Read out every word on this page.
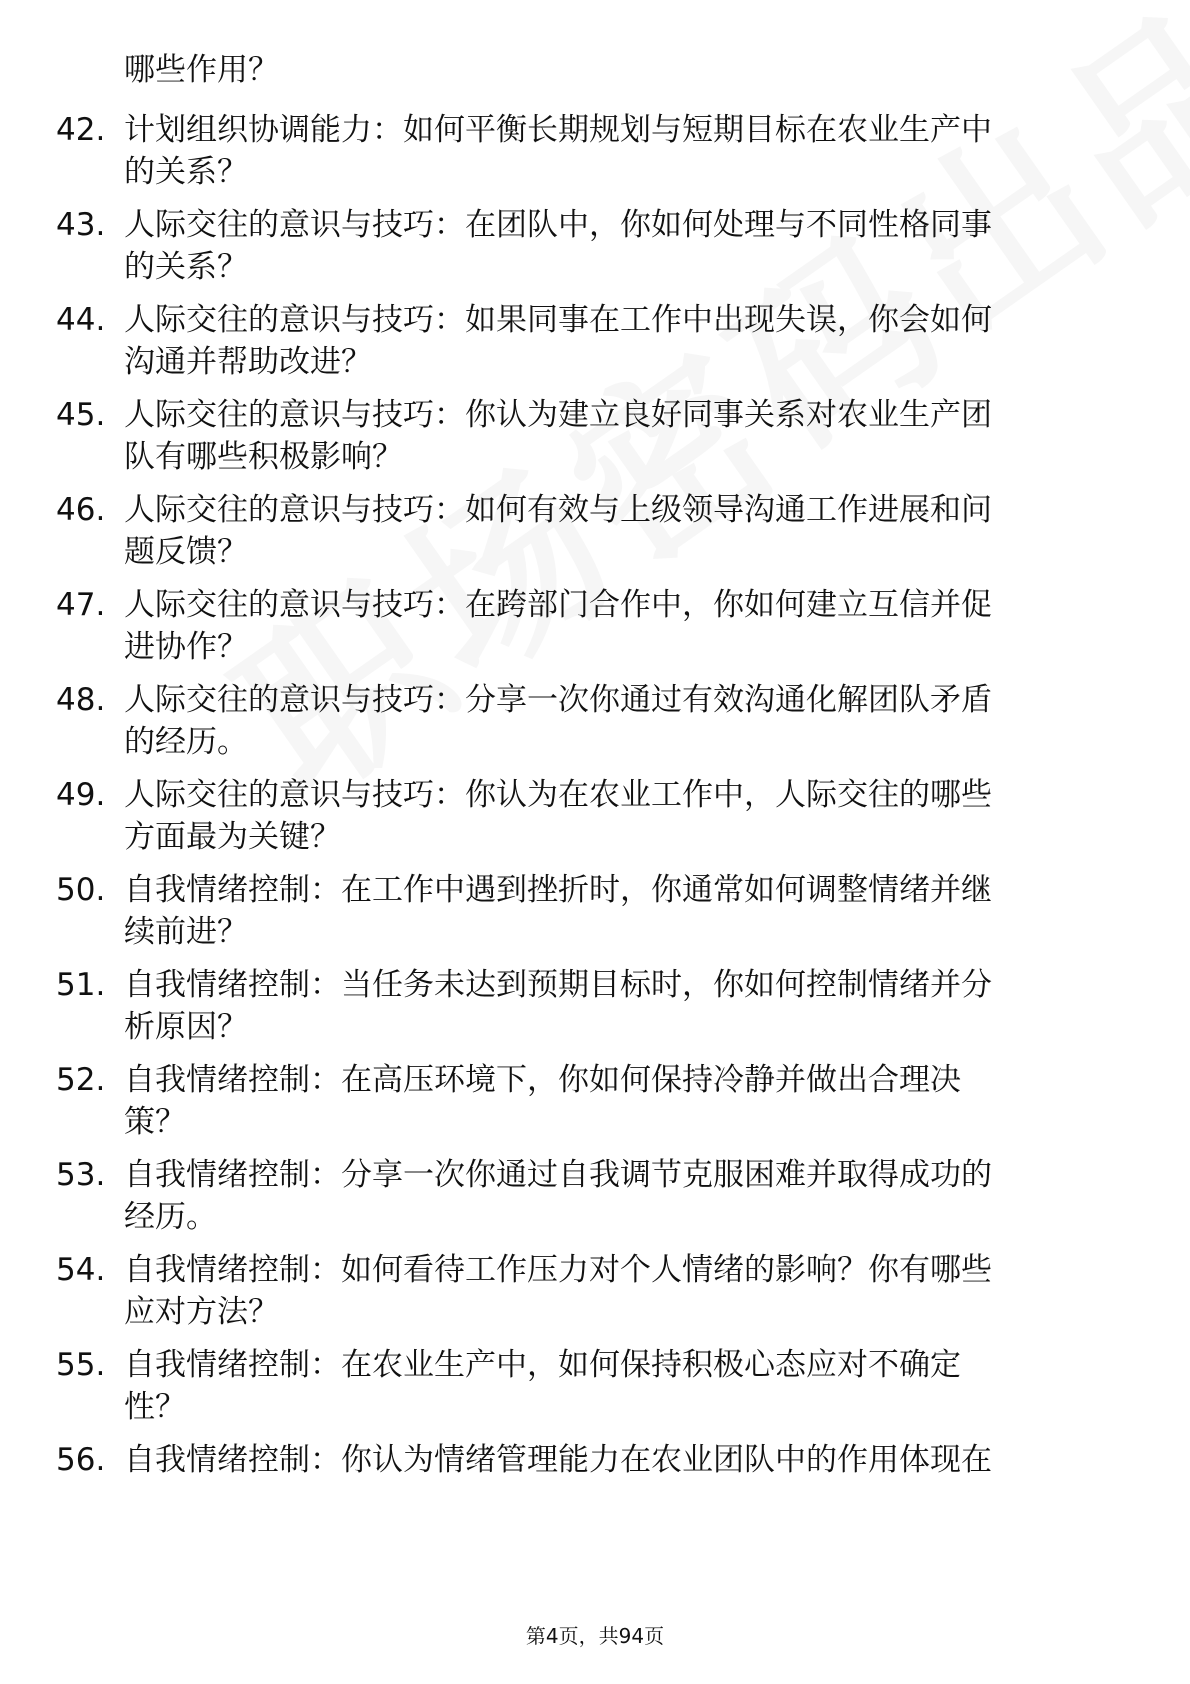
哪些作用？
42. 计划组织协调能力：如何平衡长期规划与短期目标在农业生产中
的关系？
43. 人际交往的意识与技巧：在团队中，你如何处理与不同性格同事
的关系？
44. 人际交往的意识与技巧：如果同事在工作中出现失误，你会如何
沟通并帮助改进？
45. 人际交往的意识与技巧：你认为建立良好同事关系对农业生产团
队有哪些积极影响？
46. 人际交往的意识与技巧：如何有效与上级领导沟通工作进展和问
题反馈？
47. 人际交往的意识与技巧：在跨部门合作中，你如何建立互信并促
进协作？
48. 人际交往的意识与技巧：分享一次你通过有效沟通化解团队矛盾
的经历。
49. 人际交往的意识与技巧：你认为在农业工作中，人际交往的哪些
方面最为关键？
50. 自我情绪控制：在工作中遇到挫折时，你通常如何调整情绪并继
续前进？
51. 自我情绪控制：当任务未达到预期目标时，你如何控制情绪并分
析原因？
52. 自我情绪控制：在高压环境下，你如何保持冷静并做出合理决
策？
53. 自我情绪控制：分享一次你通过自我调节克服困难并取得成功的
经历。
54. 自我情绪控制：如何看待工作压力对个人情绪的影响？你有哪些
应对方法？
55. 自我情绪控制：在农业生产中，如何保持积极心态应对不确定
性？
56. 自我情绪控制：你认为情绪管理能力在农业团队中的作用体现在
第4页，共94页
